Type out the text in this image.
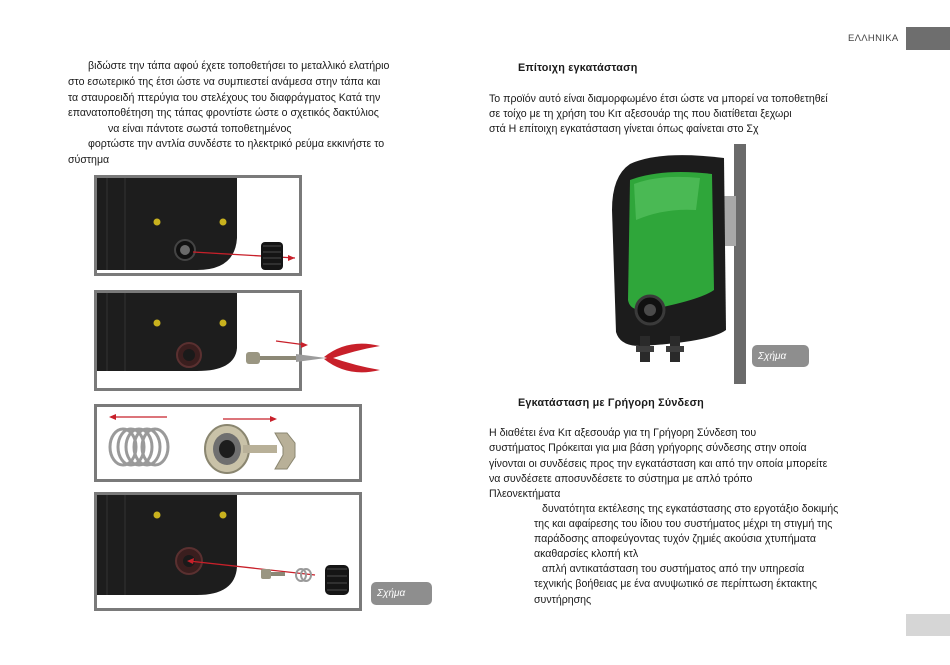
ΕΛΛΗΝΙΚΑ
βιδώστε την τάπα αφού έχετε τοποθετήσει το μεταλλικό ελατήριο
στο εσωτερικό της έτσι ώστε να συμπιεστεί ανάμεσα στην τάπα και
τα σταυροειδή πτερύγια του στελέχους του διαφράγματος Κατά την
επανατοποθέτηση της τάπας φροντίστε ώστε ο σχετικός δακτύλιος
να είναι πάντοτε σωστά τοποθετημένος
φορτώστε την αντλία συνδέστε το ηλεκτρικό ρεύμα εκκινήστε το
σύστημα
Σχήμα
Επίτοιχη εγκατάσταση
Το προϊόν αυτό είναι διαμορφωμένο έτσι ώστε να μπορεί να τοποθετηθεί
σε τοίχο με τη χρήση του Κιτ αξεσουάρ της που διατίθεται ξεχωρι
στά Η επίτοιχη εγκατάσταση γίνεται όπως φαίνεται στο Σχ
Σχήμα
Εγκατάσταση με Γρήγορη Σύνδεση
Η διαθέτει ένα Κιτ αξεσουάρ για τη Γρήγορη Σύνδεση του
συστήματος Πρόκειται για μια βάση γρήγορης σύνδεσης στην οποία
γίνονται οι συνδέσεις προς την εγκατάσταση και από την οποία μπορείτε
να συνδέσετε αποσυνδέσετε το σύστημα με απλό τρόπο
Πλεονεκτήματα
δυνατότητα εκτέλεσης της εγκατάστασης στο εργοτάξιο δοκιμής
της και αφαίρεσης του ίδιου του συστήματος μέχρι τη στιγμή της
παράδοσης αποφεύγοντας τυχόν ζημιές ακούσια χτυπήματα
ακαθαρσίες κλοπή κτλ
απλή αντικατάσταση του συστήματος από την υπηρεσία
τεχνικής βοήθειας με ένα ανυψωτικό σε περίπτωση έκτακτης
συντήρησης
